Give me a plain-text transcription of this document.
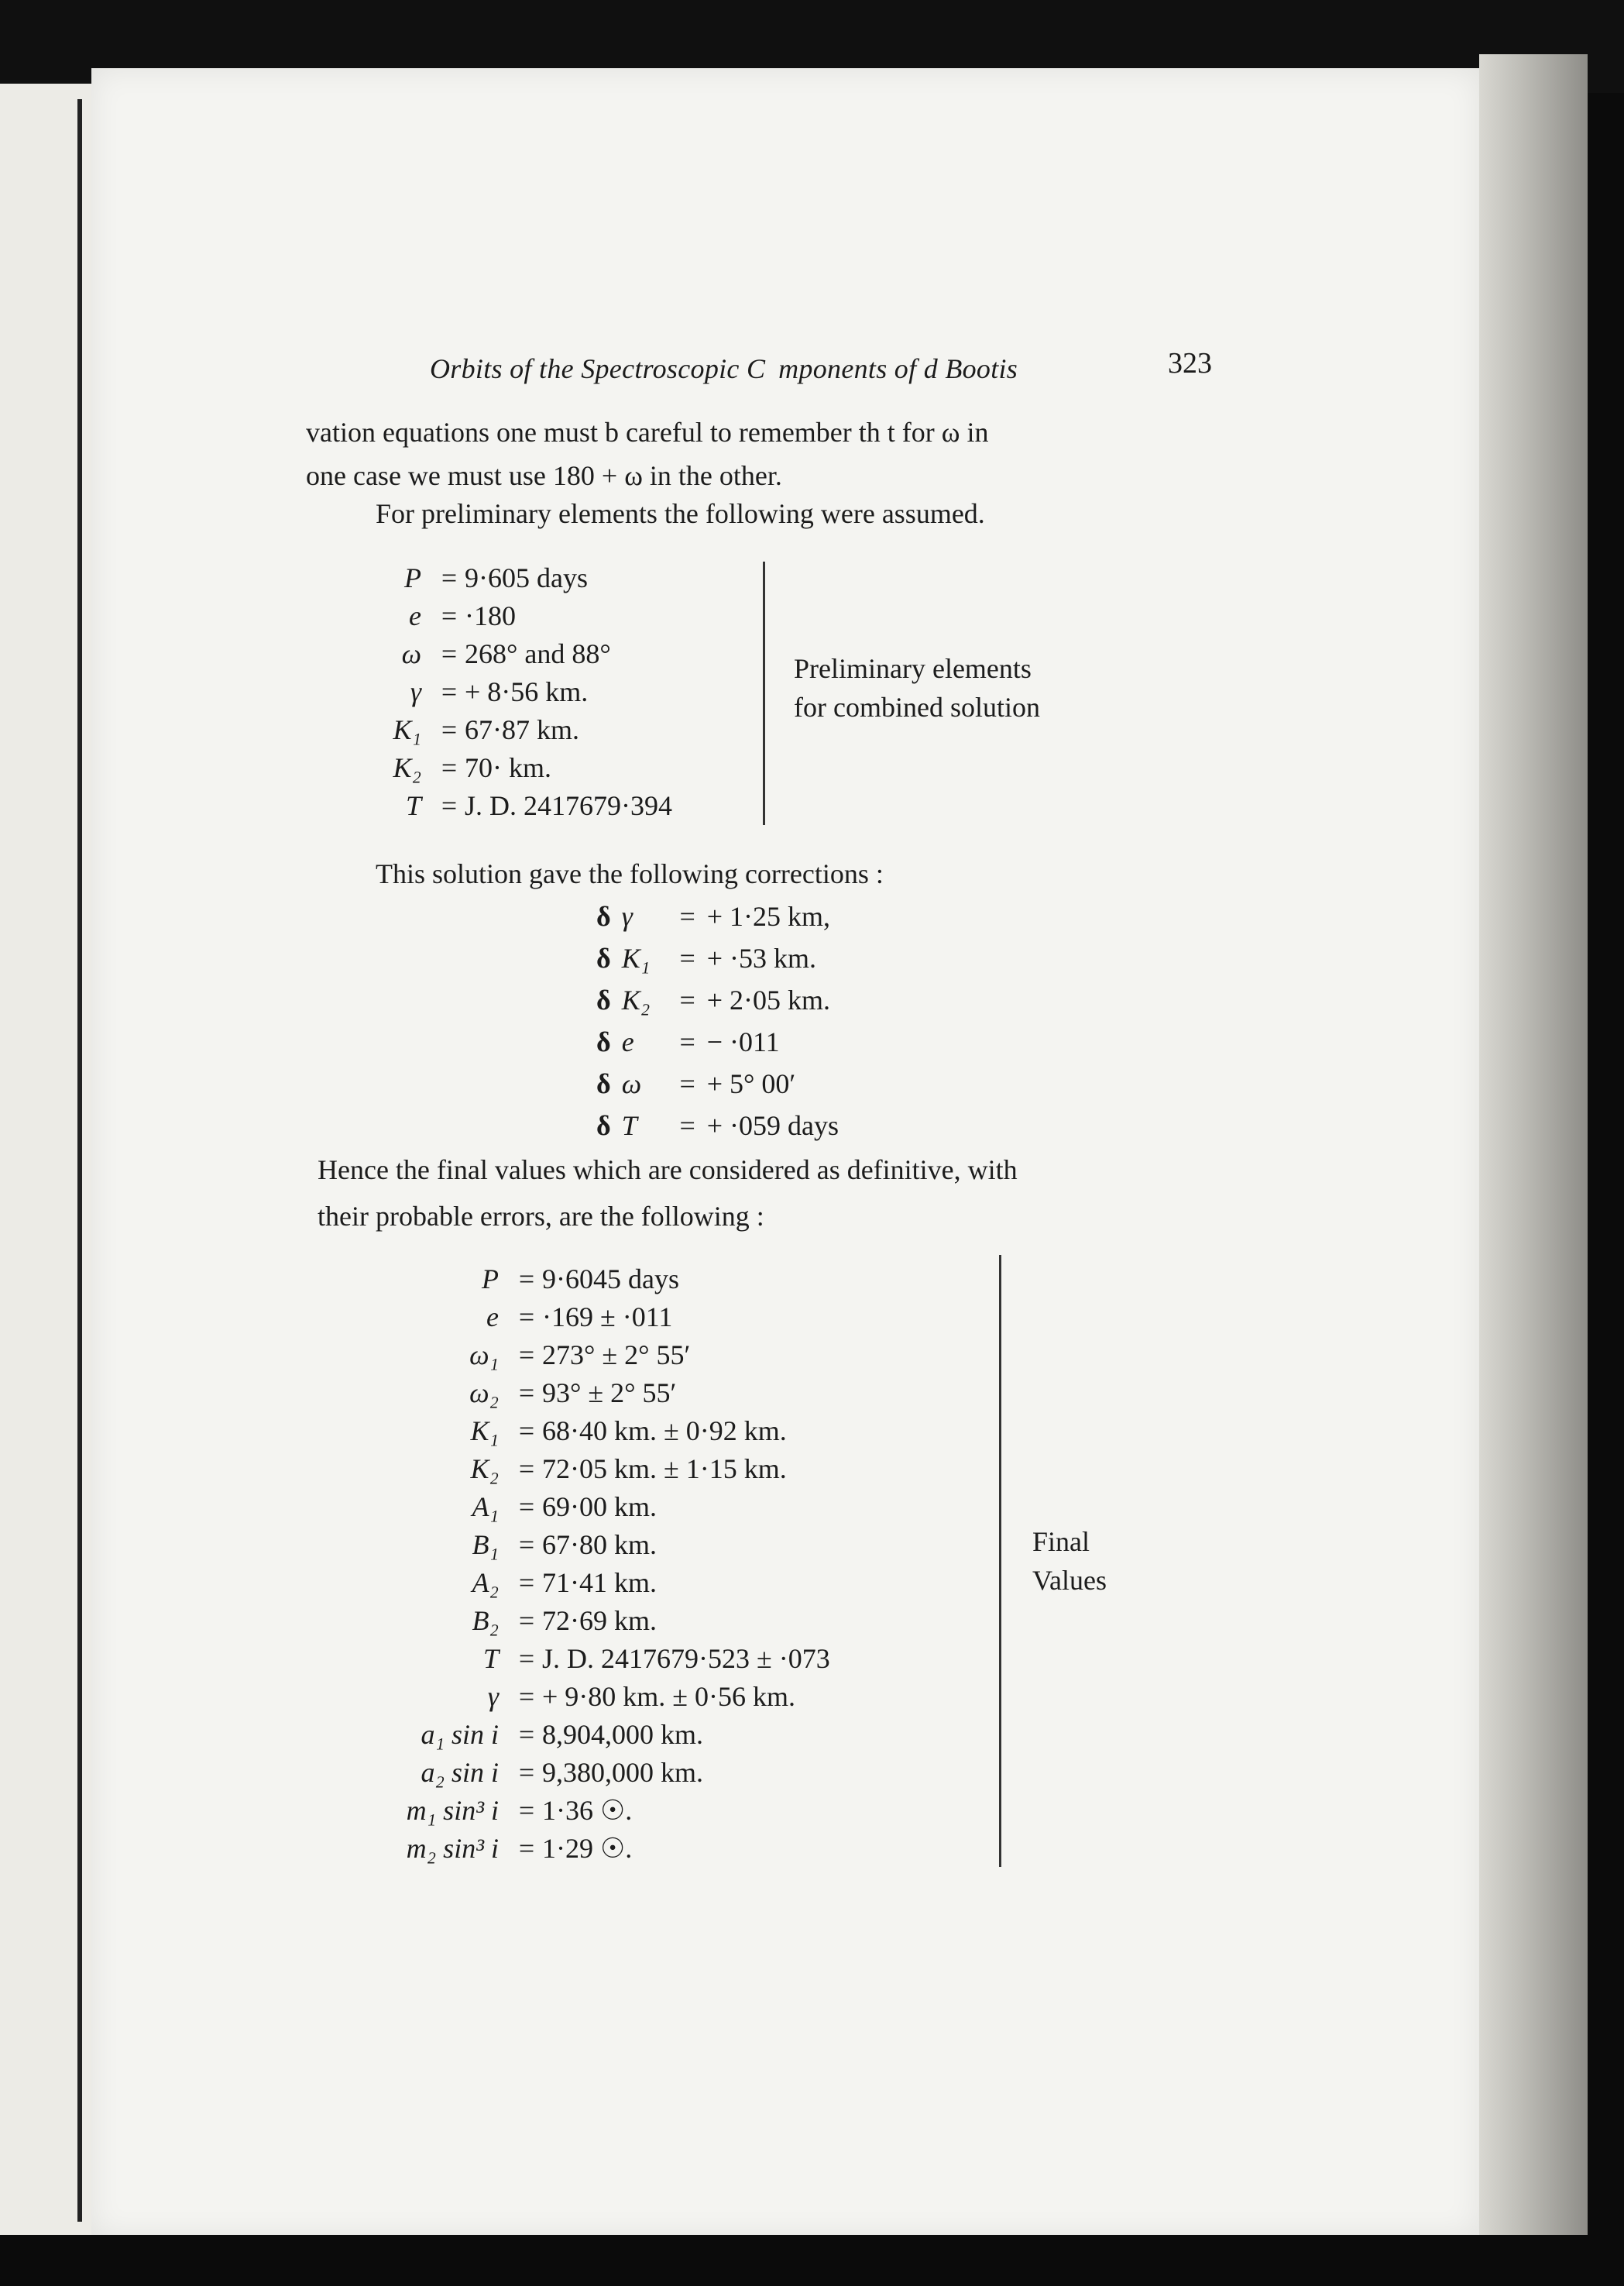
Orbits of the Spectroscopic C  mponents of d Bootis	323
vation equations one must b careful to remember th t for ω in
one case we must use 180 + ω in the other.
For preliminary elements the following were assumed.
P = 9·605 days
e = ·180
ω = 268° and 88°
γ = + 8·56 km.
K₁ = 67·87 km.
K₂ = 70· km.
T = J. D. 2417679·394
Preliminary elements
for combined solution
This solution gave the following corrections :
δ γ = + 1·25 km,
δ K₁ = + ·53 km.
δ K₂ = + 2·05 km.
δ e = − ·011
δ ω = + 5° 00′
δ T = + ·059 days
Hence the final values which are considered as definitive, with
their probable errors, are the following :
P = 9·6045 days
e = ·169 ± ·011
ω₁ = 273° ± 2° 55′
ω₂ = 93° ± 2° 55′
K₁ = 68·40 km. ± 0·92 km.
K₂ = 72·05 km. ± 1·15 km.
A₁ = 69·00 km.
B₁ = 67·80 km.
A₂ = 71·41 km.
B₂ = 72·69 km.
T = J. D. 2417679·523 ± ·073
γ = + 9·80 km. ± 0·56 km.
a₁ sin i = 8,904,000 km.
a₂ sin i = 9,380,000 km.
m₁ sin³ i = 1·36 ☉.
m₂ sin³ i = 1·29 ☉.
Final
Values
